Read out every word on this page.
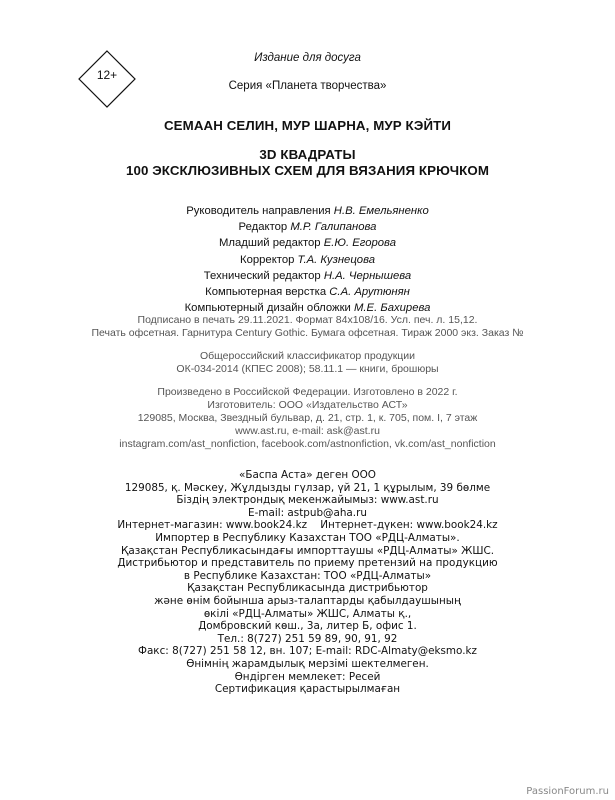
Издание для досуга
12+
Серия «Планета творчества»
СЕМААН СЕЛИН, МУР ШАРНА, МУР КЭЙТИ
3D КВАДРАТЫ
100 ЭКСКЛЮЗИВНЫХ СХЕМ ДЛЯ ВЯЗАНИЯ КРЮЧКОМ
Руководитель направления Н.В. Емельяненко
Редактор М.Р. Галипанова
Младший редактор Е.Ю. Егорова
Корректор Т.А. Кузнецова
Технический редактор Н.А. Чернышева
Компьютерная верстка С.А. Арутюнян
Компьютерный дизайн обложки М.Е. Бахирева
Подписано в печать 29.11.2021. Формат 84х108/16. Усл. печ. л. 15,12.
Печать офсетная. Гарнитура Century Gothic. Бумага офсетная. Тираж 2000 экз. Заказ №
Общероссийский классификатор продукции
ОК-034-2014 (КПЕС 2008); 58.11.1 — книги, брошюры
Произведено в Российской Федерации. Изготовлено в 2022 г.
Изготовитель: ООО «Издательство АСТ»
129085, Москва, Звездный бульвар, д. 21, стр. 1, к. 705, пом. I, 7 этаж
www.ast.ru, e-mail: ask@ast.ru
instagram.com/ast_nonfiction, facebook.com/astnonfiction, vk.com/ast_nonfiction
«Баспа Аста» деген ООО
129085, қ. Мәскеу, Жұлдызды гүлзар, үй 21, 1 құрылым, 39 бөлме
Біздің электрондық мекенжайымыз: www.ast.ru
E-mail: astpub@aha.ru
Интернет-магазин: www.book24.kz    Интернет-дүкен: www.book24.kz
Импортер в Республику Казахстан ТОО «РДЦ-Алматы».
Қазақстан Республикасындағы импорттаушы «РДЦ-Алматы» ЖШС.
Дистрибьютор и представитель по приему претензий на продукцию
в Республике Казахстан: ТОО «РДЦ-Алматы»
Қазақстан Республикасында дистрибьютор
және өнім бойынша арыз-талаптарды қабылдаушының
өкілі «РДЦ-Алматы» ЖШС, Алматы қ.,
Домбровский көш., 3а, литер Б, офис 1.
Тел.: 8(727) 251 59 89, 90, 91, 92
Факс: 8(727) 251 58 12, вн. 107; E-mail: RDC-Almaty@eksmo.kz
Өнімнің жарамдылық мерзімі шектелмеген.
Өндірген мемлекет: Ресей
Сертификация қарастырылмаған
PassionForum.ru
